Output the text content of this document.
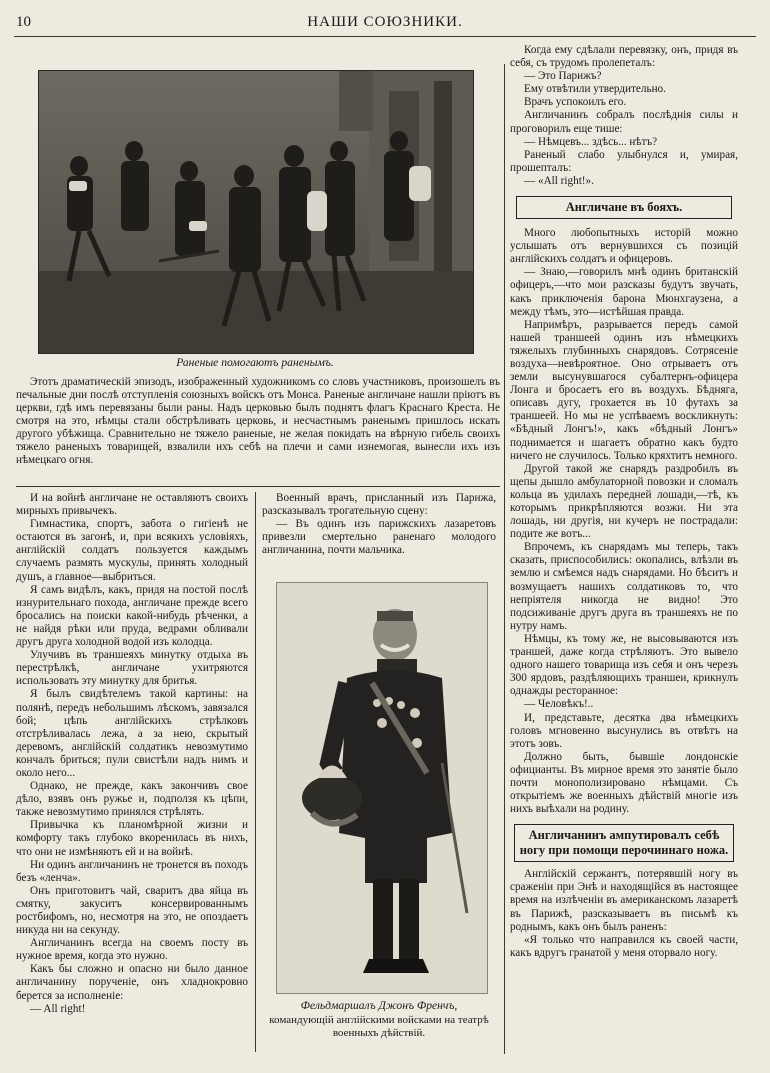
10	НАШИ СОЮЗНИКИ.
Раненые помогаютъ раненымъ.

Этотъ драматическій эпизодъ, изображенный художникомъ со словъ участниковъ, произошелъ въ печальные дни послѣ отступленія союзныхъ войскъ отъ Монса. Раненые англичане нашли пріютъ въ церкви, гдѣ имъ перевязаны были раны. Надъ церковью былъ поднятъ флагъ Краснаго Креста. Не смотря на это, нѣмцы стали обстрѣливать церковь, и несчастнымъ раненымъ пришлось искать другого убѣжища. Сравнительно не тяжело раненые, не желая покидать на вѣрную гибель своихъ тяжело раненыхъ товарищей, взвалили ихъ себѣ на плечи и сами изнемогая, вынесли ихъ изъ нѣмецкаго огня.

И на войнѣ англичане не оставляютъ своихъ мирныхъ привычекъ.

Гимнастика, спортъ, забота о гигіенѣ не остаются въ загонѣ, и, при всякихъ условіяхъ, англійскій солдатъ пользуется каждымъ случаемъ размять мускулы, принять холодный душъ, а главное—выбриться.

Я самъ видѣлъ, какъ, придя на постой послѣ изнурительнаго похода, англичане прежде всего бросались на поиски какой-нибудь рѣченки, а не найдя рѣки или пруда, ведрами обливали другъ друга холодной водой изъ колодца.

Улучивъ въ траншеяхъ минутку отдыха въ перестрѣлкѣ, англичане ухитряются использовать эту минутку для бритья.

Я былъ свидѣтелемъ такой картины: на полянѣ, передъ небольшимъ лѣскомъ, завязался бой; цѣпь англійскихъ стрѣлковъ отстрѣливалась лежа, а за нею, скрытый деревомъ, англійскій солдатикъ невозмутимо кончалъ бриться; пули свистѣли надъ нимъ и около него...

Однако, не прежде, какъ закончивъ свое дѣло, взявъ онъ ружье и, подползя къ цѣпи, также невозмутимо принялся стрѣлять.

Привычка къ планомѣрной жизни и комфорту такъ глубоко вкоренилась въ нихъ, что они не измѣняютъ ей и на войнѣ.

Ни одинъ англичанинъ не тронется въ походъ безъ «ленча».

Онъ приготовитъ чай, сваритъ два яйца въ смятку, закуситъ консервированнымъ ростбифомъ, но, несмотря на это, не опоздаетъ никуда ни на секунду.

Англичанинъ всегда на своемъ посту въ нужное время, когда это нужно.

Какъ бы сложно и опасно ни было данное англичанину порученіе, онъ хладнокровно берется за исполненіе:

— All right!

Военный врачъ, присланный изъ Парижа, разсказывалъ трогательную сцену:

— Въ одинъ изъ парижскихъ лазаретовъ привезли смертельно раненаго молодого англичанина, почти мальчика.

Фельдмаршалъ Джонъ Френчъ,
командующій англійскими войсками на театрѣ военныхъ дѣйствій.

Когда ему сдѣлали перевязку, онъ, придя въ себя, съ трудомъ пролепеталъ:

— Это Парижъ?

Ему отвѣтили утвердительно.

Врачъ успокоилъ его.

Англичанинъ собралъ послѣднія силы и проговорилъ еще тише:

— Нѣмцевъ... здѣсь... нѣтъ?

Раненый слабо улыбнулся и, умирая, прошепталъ:

— «All right!».

Англичане въ бояхъ.

Много любопытныхъ исторій можно услышать отъ вернувшихся съ позицій англійскихъ солдатъ и офицеровъ.

— Знаю,—говорилъ мнѣ одинъ британскій офицеръ,—что мои разсказы будутъ звучать, какъ приключенія барона Мюнхгаузена, а между тѣмъ, это—истѣйшая правда.

Напримѣръ, разрывается передъ самой нашей траншеей одинъ изъ нѣмецкихъ тяжелыхъ глубинныхъ снарядовъ. Сотрясеніе воздуха—невѣроятное. Оно отрываетъ отъ земли высунувшагося субалтернъ-офицера Лонга и бросаетъ его въ воздухъ. Бѣдняга, описавъ дугу, грохается въ 10 футахъ за траншеей. Но мы не успѣваемъ воскликнуть: «Бѣдный Лонгъ!», какъ «бѣдный Лонгъ» поднимается и шагаетъ обратно какъ будто ничего не случилось. Только кряхтитъ немного.

Другой такой же снарядъ раздробилъ въ щепы дышло амбулаторной повозки и сломалъ кольца въ удилахъ передней лошади,—тѣ, къ которымъ прикрѣпляются возжи. Ни эта лошадь, ни другія, ни кучеръ не пострадали: подите же вотъ...

Впрочемъ, къ снарядамъ мы теперь, такъ сказать, приспособились: окопались, влѣзли въ землю и смѣемся надъ снарядами. Но бѣситъ и возмущаетъ нашихъ солдатиковъ то, что непріятеля никогда не видно! Это подсиживаніе другъ друга въ траншеяхъ не по нутру намъ.

Нѣмцы, къ тому же, не высовываются изъ траншей, даже когда стрѣляютъ. Это вывело одного нашего товарища изъ себя и онъ черезъ 300 ярдовъ, раздѣляющихъ траншеи, крикнулъ однажды ресторанное:

— Человѣкъ!..

И, представьте, десятка два нѣмецкихъ головъ мгновенно высунулись въ отвѣтъ на этотъ зовъ.

Должно быть, бывшіе лондонскіе официанты. Въ мирное время это занятіе было почти монополизировано нѣмцами. Съ открытіемъ же военныхъ дѣйствій многіе изъ нихъ выѣхали на родину.

Англичанинъ ампутировалъ себѣ ногу при помощи перочиннаго ножа.

Англійскій сержантъ, потерявшій ногу въ сраженіи при Энѣ и находящійся въ настоящее время на излѣченіи въ американскомъ лазаретѣ въ Парижѣ, разсказываетъ въ письмѣ къ роднымъ, какъ онъ былъ раненъ:

«Я только что направился къ своей части, какъ вдругъ гранатой у меня оторвало ногу.
